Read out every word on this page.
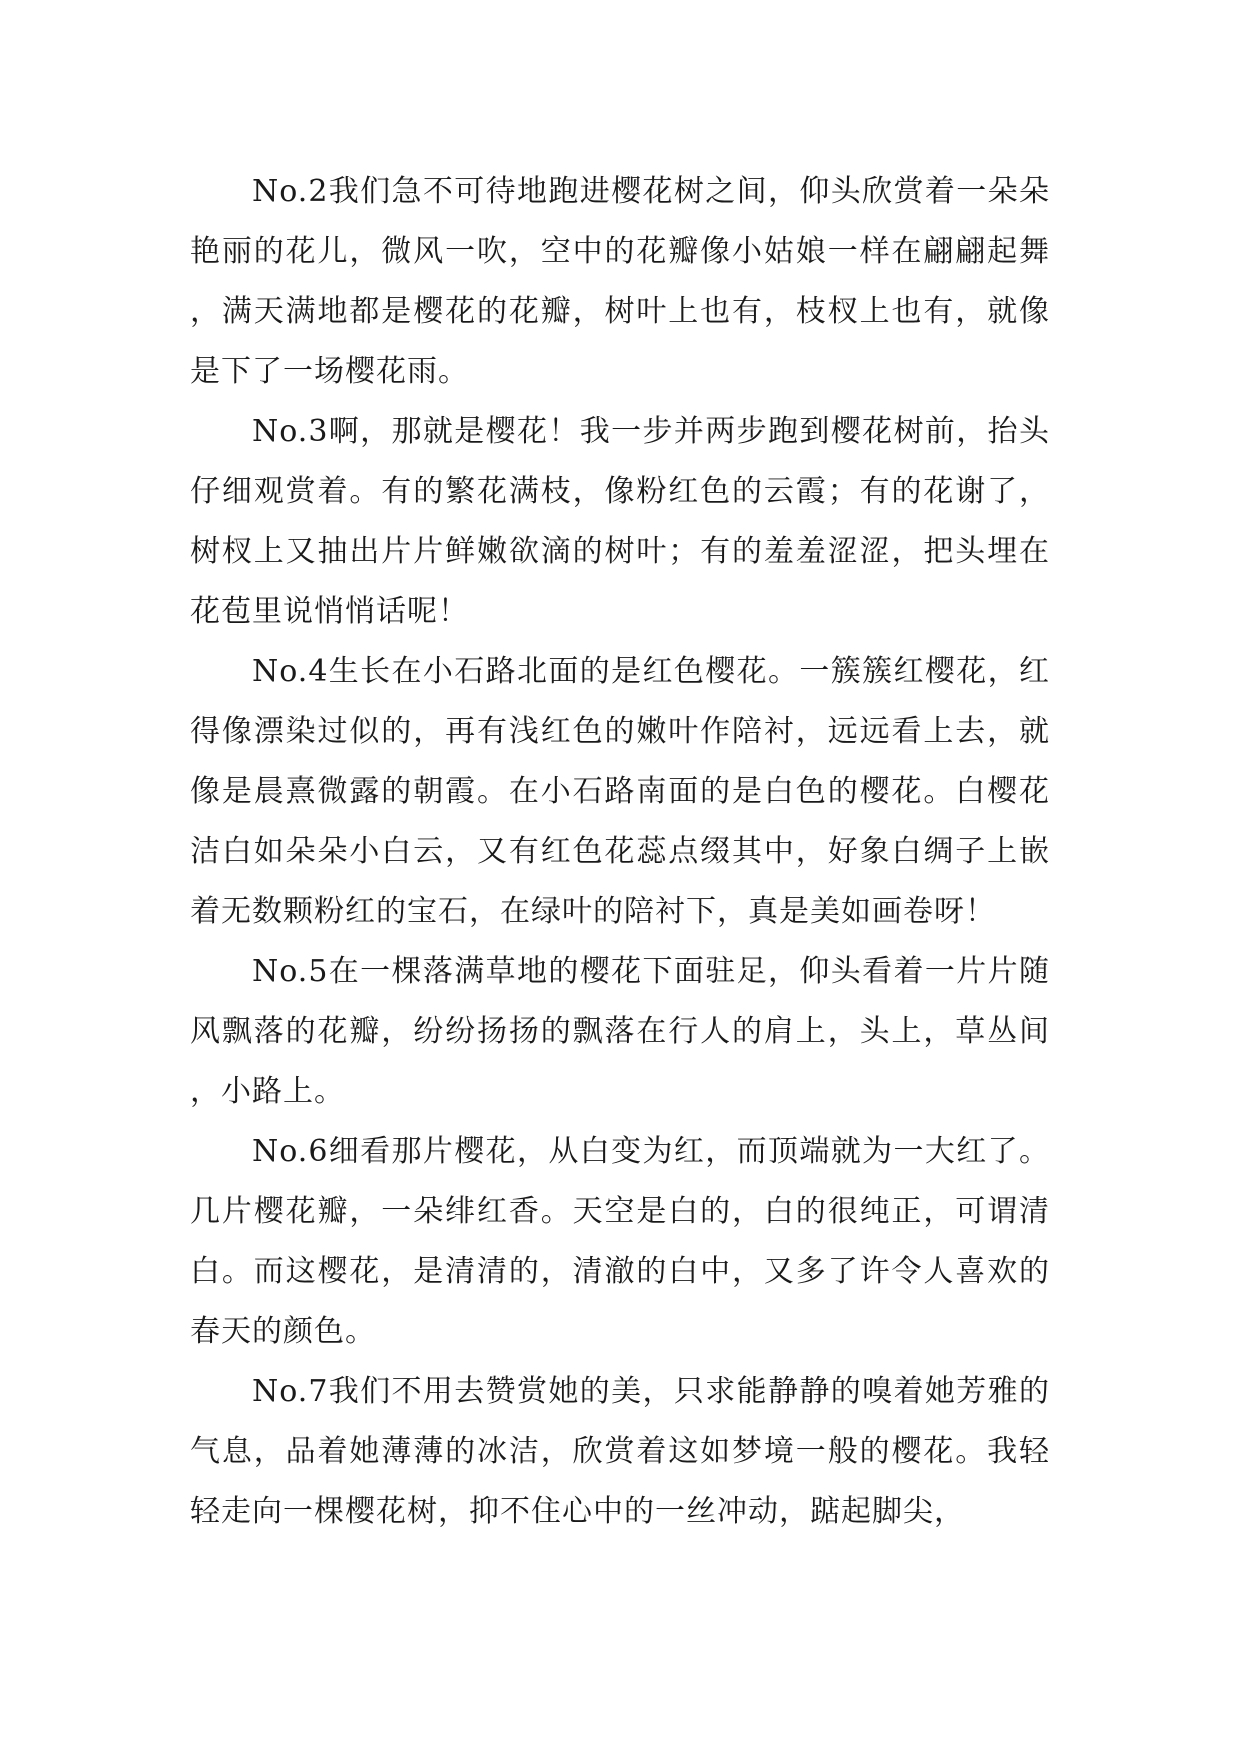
No.2我们急不可待地跑进樱花树之间，仰头欣赏着一朵朵艳丽的花儿，微风一吹，空中的花瓣像小姑娘一样在翩翩起舞，满天满地都是樱花的花瓣，树叶上也有，枝杈上也有，就像是下了一场樱花雨。

No.3啊，那就是樱花！我一步并两步跑到樱花树前，抬头仔细观赏着。有的繁花满枝，像粉红色的云霞；有的花谢了，树杈上又抽出片片鲜嫩欲滴的树叶；有的羞羞涩涩，把头埋在花苞里说悄悄话呢！

No.4生长在小石路北面的是红色樱花。一簇簇红樱花，红得像漂染过似的，再有浅红色的嫩叶作陪衬，远远看上去，就像是晨熹微露的朝霞。在小石路南面的是白色的樱花。白樱花洁白如朵朵小白云，又有红色花蕊点缀其中，好象白绸子上嵌着无数颗粉红的宝石，在绿叶的陪衬下，真是美如画卷呀！

No.5在一棵落满草地的樱花下面驻足，仰头看着一片片随风飘落的花瓣，纷纷扬扬的飘落在行人的肩上，头上，草丛间，小路上。

No.6细看那片樱花，从白变为红，而顶端就为一大红了。几片樱花瓣，一朵绯红香。天空是白的，白的很纯正，可谓清白。而这樱花，是清清的，清澈的白中，又多了许令人喜欢的春天的颜色。

No.7我们不用去赞赏她的美，只求能静静的嗅着她芳雅的气息，品着她薄薄的冰洁，欣赏着这如梦境一般的樱花。我轻轻走向一棵樱花树，抑不住心中的一丝冲动，踮起脚尖，
